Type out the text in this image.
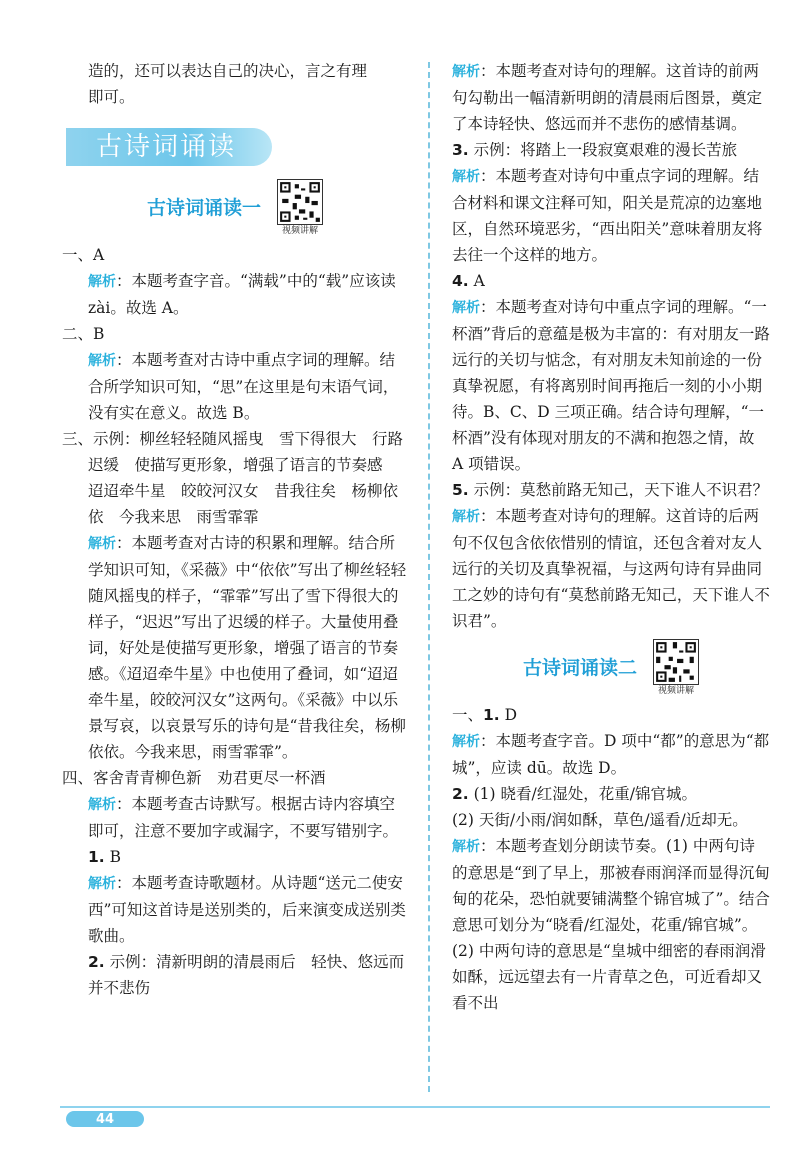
造的，还可以表达自己的决心，言之有理

即可。

古诗词诵读
古诗词诵读一
视频讲解

一、A

解析：本题考查字音。“满载”中的“载”应该读 zài。故选 A。

二、B

解析：本题考查对古诗中重点字词的理解。结合所学知识可知，“思”在这里是句末语气词，没有实在意义。故选 B。

三、示例：柳丝轻轻随风摇曳　雪下得很大　行路迟缓　使描写更形象，增强了语言的节奏感　迢迢牵牛星　皎皎河汉女　昔我往矣　杨柳依依　今我来思　雨雪霏霏

解析：本题考查对古诗的积累和理解。结合所学知识可知，《采薇》中“依依”写出了柳丝轻轻随风摇曳的样子，“霏霏”写出了雪下得很大的样子，“迟迟”写出了迟缓的样子。大量使用叠词，好处是使描写更形象，增强了语言的节奏感。《迢迢牵牛星》中也使用了叠词，如“迢迢牵牛星，皎皎河汉女”这两句。《采薇》中以乐景写哀，以哀景写乐的诗句是“昔我往矣，杨柳依依。今我来思，雨雪霏霏”。

四、客舍青青柳色新　劝君更尽一杯酒

解析：本题考查古诗默写。根据古诗内容填空即可，注意不要加字或漏字，不要写错别字。

1. B

解析：本题考查诗歌题材。从诗题“送元二使安西”可知这首诗是送别类的，后来演变成送别类歌曲。

2. 示例：清新明朗的清晨雨后　轻快、悠远而并不悲伤

解析：本题考查对诗句的理解。这首诗的前两句勾勒出一幅清新明朗的清晨雨后图景，奠定了本诗轻快、悠远而并不悲伤的感情基调。

3. 示例：将踏上一段寂寞艰难的漫长苦旅

解析：本题考查对诗句中重点字词的理解。结合材料和课文注释可知，阳关是荒凉的边塞地区，自然环境恶劣，“西出阳关”意味着朋友将去往一个这样的地方。

4. A

解析：本题考查对诗句中重点字词的理解。“一杯酒”背后的意蕴是极为丰富的：有对朋友一路远行的关切与惦念，有对朋友未知前途的一份真挚祝愿，有将离别时间再拖后一刻的小小期待。B、C、D 三项正确。结合诗句理解，“一杯酒”没有体现对朋友的不满和抱怨之情，故 A 项错误。

5. 示例：莫愁前路无知己，天下谁人不识君？

解析：本题考查对诗句的理解。这首诗的后两句不仅包含依依惜别的情谊，还包含着对友人远行的关切及真挚祝福，与这两句诗有异曲同工之妙的诗句有“莫愁前路无知己，天下谁人不识君”。

古诗词诵读二
视频讲解

一、1. D

解析：本题考查字音。D 项中“都”的意思为“都城”，应读 dū。故选 D。

2. (1) 晓看/红湿处，花重/锦官城。

(2) 天街/小雨/润如酥，草色/遥看/近却无。

解析：本题考查划分朗读节奏。(1) 中两句诗的意思是“到了早上，那被春雨润泽而显得沉甸甸的花朵，恐怕就要铺满整个锦官城了”。结合意思可划分为“晓看/红湿处，花重/锦官城”。(2) 中两句诗的意思是“皇城中细密的春雨润滑如酥，远远望去有一片青草之色，可近看却又看不出

44
